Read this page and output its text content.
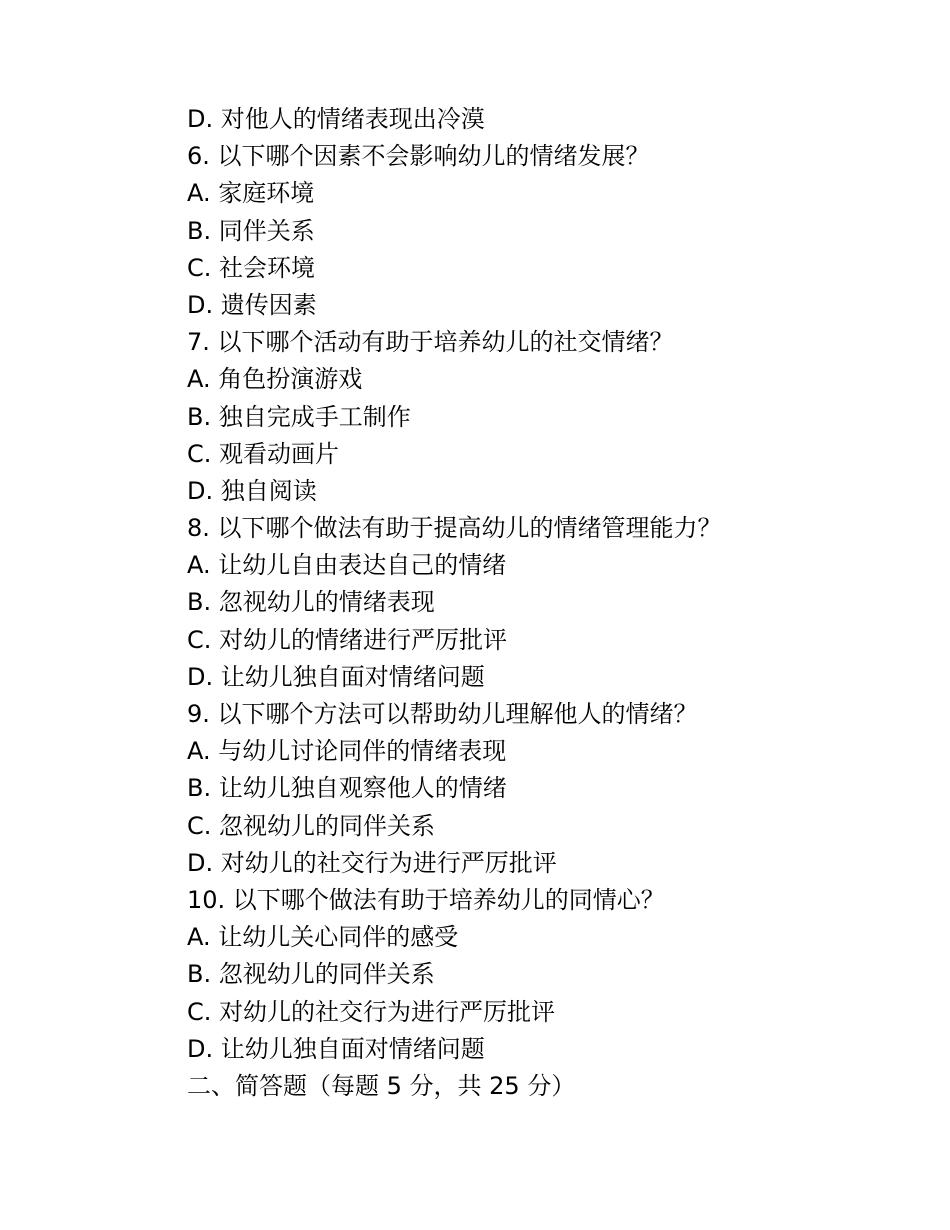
D. 对他人的情绪表现出冷漠

6. 以下哪个因素不会影响幼儿的情绪发展？

A. 家庭环境

B. 同伴关系

C. 社会环境

D. 遗传因素

7. 以下哪个活动有助于培养幼儿的社交情绪？

A. 角色扮演游戏

B. 独自完成手工制作

C. 观看动画片

D. 独自阅读

8. 以下哪个做法有助于提高幼儿的情绪管理能力？

A. 让幼儿自由表达自己的情绪

B. 忽视幼儿的情绪表现

C. 对幼儿的情绪进行严厉批评

D. 让幼儿独自面对情绪问题

9. 以下哪个方法可以帮助幼儿理解他人的情绪？

A. 与幼儿讨论同伴的情绪表现

B. 让幼儿独自观察他人的情绪

C. 忽视幼儿的同伴关系

D. 对幼儿的社交行为进行严厉批评

10. 以下哪个做法有助于培养幼儿的同情心？

A. 让幼儿关心同伴的感受

B. 忽视幼儿的同伴关系

C. 对幼儿的社交行为进行严厉批评

D. 让幼儿独自面对情绪问题

二、简答题（每题 5 分，共 25 分）
